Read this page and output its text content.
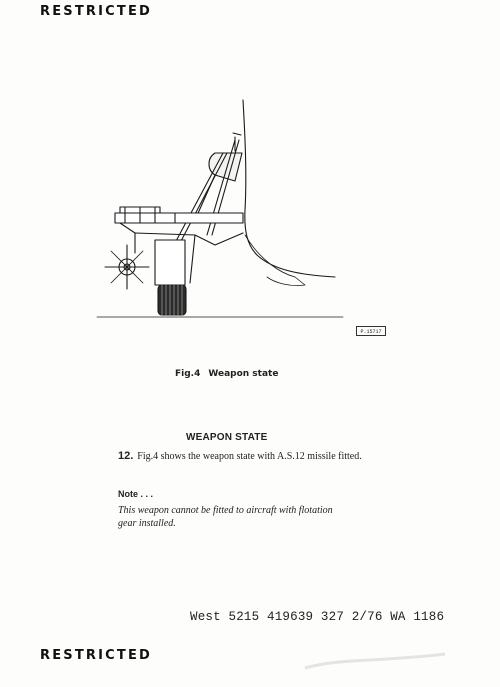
RESTRICTED
P.15717
Fig.4 Weapon state
WEAPON STATE
12. Fig.4 shows the weapon state with A.S.12 missile fitted.
Note . . .
This weapon cannot be fitted to aircraft with flotation gear installed.
West 5215 419639 327 2/76 WA 1186
RESTRICTED
